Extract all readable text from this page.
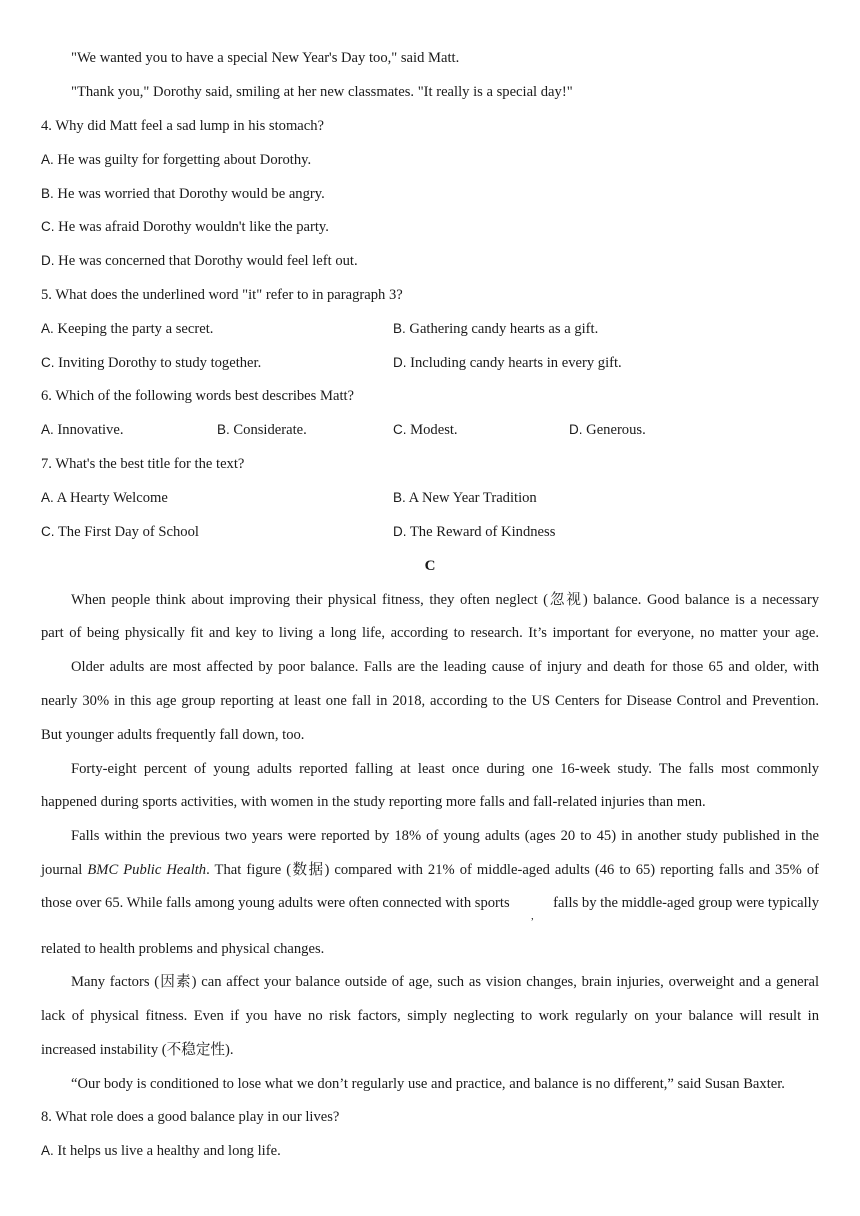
"We wanted you to have a special New Year's Day too," said Matt.
"Thank you," Dorothy said, smiling at her new classmates. "It really is a special day!"
4. Why did Matt feel a sad lump in his stomach?
A. He was guilty for forgetting about Dorothy.
B. He was worried that Dorothy would be angry.
C. He was afraid Dorothy wouldn't like the party.
D. He was concerned that Dorothy would feel left out.
5. What does the underlined word "it" refer to in paragraph 3?
A. Keeping the party a secret.	B. Gathering candy hearts as a gift.
C. Inviting Dorothy to study together.	D. Including candy hearts in every gift.
6. Which of the following words best describes Matt?
A. Innovative.	B. Considerate.	C. Modest.	D. Generous.
7. What's the best title for the text?
A. A Hearty Welcome	B. A New Year Tradition
C. The First Day of School	D. The Reward of Kindness
C
When people think about improving their physical fitness, they often neglect (忽视) balance. Good balance is a necessary
part of being physically fit and key to living a long life, according to research. It’s important for everyone, no matter your age.
Older adults are most affected by poor balance. Falls are the leading cause of injury and death for those 65 and older, with
nearly 30% in this age group reporting at least one fall in 2018, according to the US Centers for Disease Control and Prevention.
But younger adults frequently fall down, too.
Forty-eight percent of young adults reported falling at least once during one 16-week study. The falls most commonly
happened during sports activities, with women in the study reporting more falls and fall-related injuries than men.
Falls within the previous two years were reported by 18% of young adults (ages 20 to 45) in another study published in the
journal BMC Public Health. That figure (数据) compared with 21% of middle-aged adults (46 to 65) reporting falls and 35% of
those over 65. While falls among young adults were often connected with sports	falls by the middle-aged group were typically
,
related to health problems and physical changes.
Many factors (因素) can affect your balance outside of age, such as vision changes, brain injuries, overweight and a general
lack of physical fitness. Even if you have no risk factors, simply neglecting to work regularly on your balance will result in
increased instability (不稳定性).
“Our body is conditioned to lose what we don’t regularly use and practice, and balance is no different,” said Susan Baxter.
8. What role does a good balance play in our lives?
A. It helps us live a healthy and long life.
